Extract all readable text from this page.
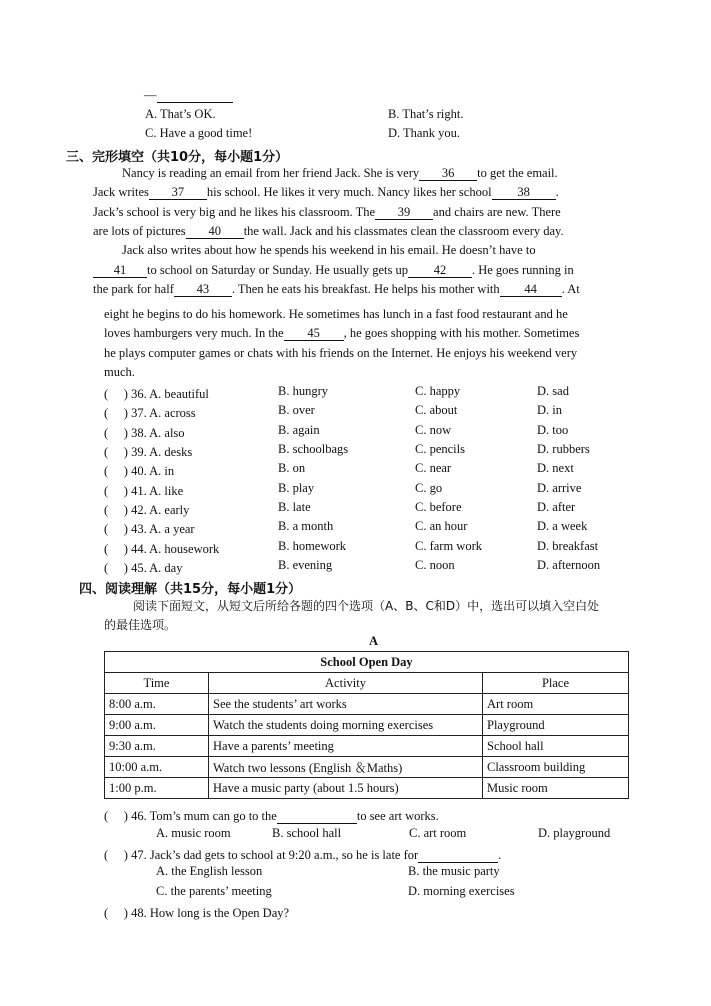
—
A. That’s OK.	B. That’s right.
C. Have a good time!	D. Thank you.
三、完形填空（共10分，每小题1分）
Nancy is reading an email from her friend Jack. She is very 36 to get the email.
Jack writes 37 his school. He likes it very much. Nancy likes her school 38 .
Jack’s school is very big and he likes his classroom. The 39 and chairs are new. There
are lots of pictures 40 the wall. Jack and his classmates clean the classroom every day.
Jack also writes about how he spends his weekend in his email. He doesn’t have to
41 to school on Saturday or Sunday. He usually gets up 42 . He goes running in
the park for half 43 . Then he eats his breakfast. He helps his mother with 44 . At
eight he begins to do his homework. He sometimes has lunch in a fast food restaurant and he
loves hamburgers very much. In the 45 , he goes shopping with his mother. Sometimes
he plays computer games or chats with his friends on the Internet. He enjoys his weekend very
much.
(　 ) 36. A. beautiful	B. hungry	C. happy	D. sad
(　 ) 37. A. across	B. over	C. about	D. in
(　 ) 38. A. also	B. again	C. now	D. too
(　 ) 39. A. desks	B. schoolbags	C. pencils	D. rubbers
(　 ) 40. A. in	B. on	C. near	D. next
(　 ) 41. A. like	B. play	C. go	D. arrive
(　 ) 42. A. early	B. late	C. before	D. after
(　 ) 43. A. a year	B. a month	C. an hour	D. a week
(　 ) 44. A. housework	B. homework	C. farm work	D. breakfast
(　 ) 45. A. day	B. evening	C. noon	D. afternoon
四、阅读理解（共15分，每小题1分）
阅读下面短文，从短文后所给各题的四个选项（A、B、C和D）中，选出可以填入空白处
的最佳选项。
A
School Open Day		
Time	Activity	Place
8:00 a.m.	See the students’ art works	Art room
9:00 a.m.	Watch the students doing morning exercises	Playground
9:30 a.m.	Have a parents’ meeting	School hall
10:00 a.m.	Watch two lessons (English ＆Maths)	Classroom building
1:00 p.m.	Have a music party (about 1.5 hours)	Music room
(　 ) 46. Tom’s mum can go to the	to see art works.
A. music room	B. school hall	C. art room	D. playground
(　 ) 47. Jack’s dad gets to school at 9:20 a.m., so he is late for	.
A. the English lesson	B. the music party
C. the parents’ meeting	D. morning exercises
(　 ) 48. How long is the Open Day?
